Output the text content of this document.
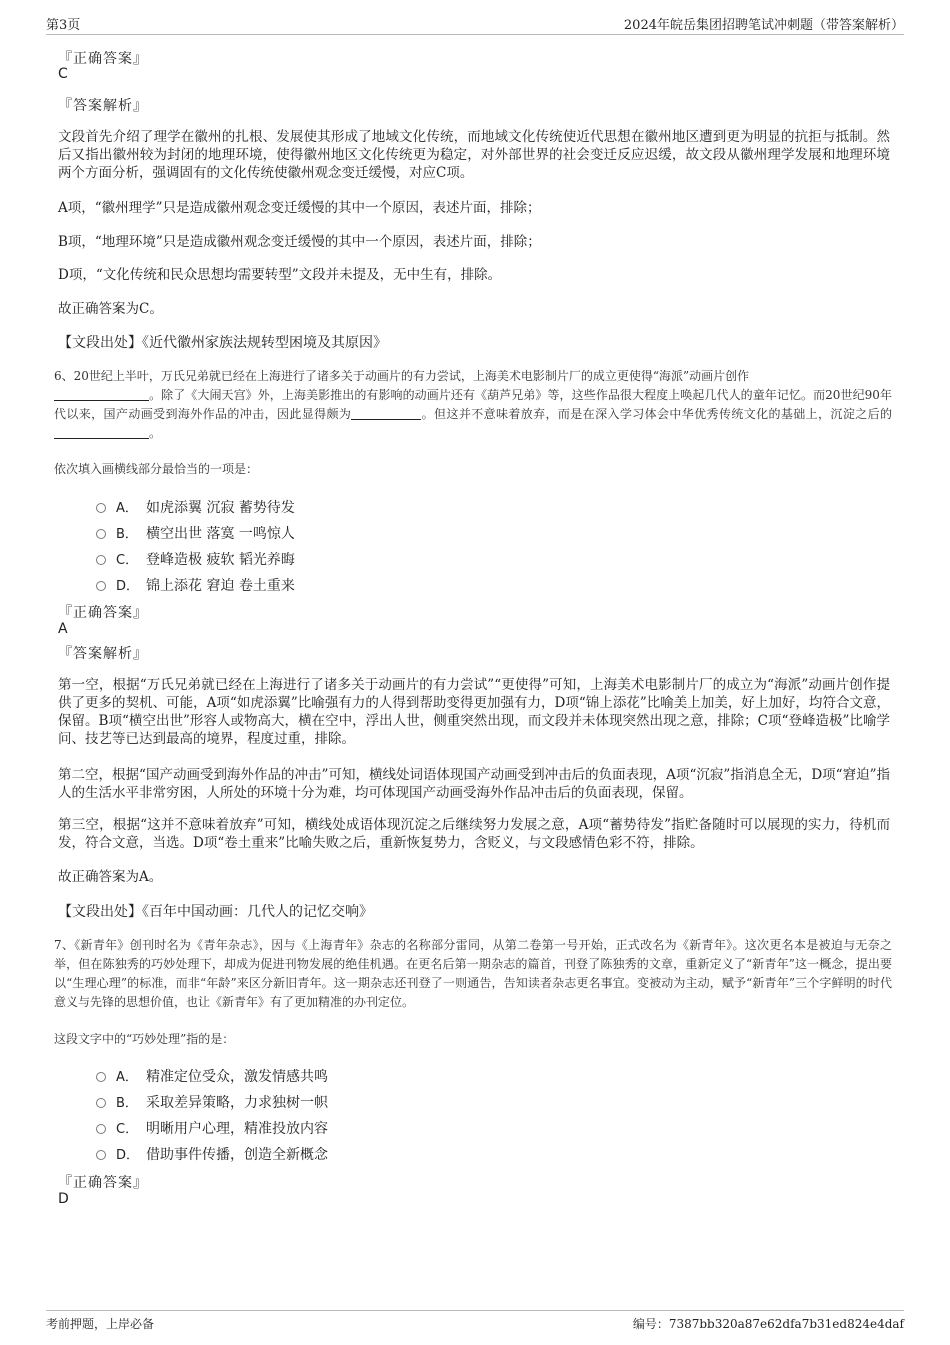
第3页	2024年皖岳集团招聘笔试冲刺题（带答案解析）
『正确答案』
C
『答案解析』

文段首先介绍了理学在徽州的扎根、发展使其形成了地域文化传统，而地域文化传统使近代思想在徽州地区遭到更为明显的抗拒与抵制。然后又指出徽州较为封闭的地理环境，使得徽州地区文化传统更为稳定，对外部世界的社会变迁反应迟缓，故文段从徽州理学发展和地理环境两个方面分析，强调固有的文化传统使徽州观念变迁缓慢，对应C项。

A项，“徽州理学”只是造成徽州观念变迁缓慢的其中一个原因，表述片面，排除；

B项，“地理环境”只是造成徽州观念变迁缓慢的其中一个原因，表述片面，排除；

D项，“文化传统和民众思想均需要转型”文段并未提及，无中生有，排除。

故正确答案为C。

【文段出处】《近代徽州家族法规转型困境及其原因》

6、20世纪上半叶，万氏兄弟就已经在上海进行了诸多关于动画片的有力尝试，上海美术电影制片厂的成立更使得“海派”动画片创作
。除了《大闹天宫》外，上海美影推出的有影响的动画片还有《葫芦兄弟》等，这些作品很大程度上唤起几代人的童年记忆。而20世纪90年代以来，国产动画受到海外作品的冲击，因此显得颇为	。但这并不意味着放弃，而是在深入学习体会中华优秀传统文化的基础上，沉淀之后的。

依次填入画横线部分最恰当的一项是：
A． 如虎添翼 沉寂 蓄势待发
B． 横空出世 落寞 一鸣惊人
C． 登峰造极 疲软 韬光养晦
D． 锦上添花 窘迫 卷土重来
『正确答案』
A
『答案解析』

第一空，根据“万氏兄弟就已经在上海进行了诸多关于动画片的有力尝试”“更使得”可知，上海美术电影制片厂的成立为“海派”动画片创作提供了更多的契机、可能，A项“如虎添翼”比喻强有力的人得到帮助变得更加强有力，D项“锦上添花”比喻美上加美，好上加好，均符合文意，保留。B项“横空出世”形容人或物高大，横在空中，浮出人世，侧重突然出现，而文段并未体现突然出现之意，排除；C项“登峰造极”比喻学问、技艺等已达到最高的境界，程度过重，排除。

第二空，根据“国产动画受到海外作品的冲击”可知，横线处词语体现国产动画受到冲击后的负面表现，A项“沉寂”指消息全无，D项“窘迫”指人的生活水平非常穷困，人所处的环境十分为难，均可体现国产动画受海外作品冲击后的负面表现，保留。

第三空，根据“这并不意味着放弃”可知，横线处成语体现沉淀之后继续努力发展之意，A项“蓄势待发”指贮备随时可以展现的实力，待机而发，符合文意，当选。D项“卷土重来”比喻失败之后，重新恢复势力，含贬义，与文段感情色彩不符，排除。

故正确答案为A。

【文段出处】《百年中国动画：几代人的记忆交响》

7、《新青年》创刊时名为《青年杂志》，因与《上海青年》杂志的名称部分雷同，从第二卷第一号开始，正式改名为《新青年》。这次更名本是被迫与无奈之举，但在陈独秀的巧妙处理下，却成为促进刊物发展的绝佳机遇。在更名后第一期杂志的篇首，刊登了陈独秀的文章，重新定义了“新青年”这一概念，提出要以“生理心理”的标准，而非“年龄”来区分新旧青年。这一期杂志还刊登了一则通告，告知读者杂志更名事宜。变被动为主动，赋予“新青年”三个字鲜明的时代意义与先锋的思想价值，也让《新青年》有了更加精准的办刊定位。

这段文字中的“巧妙处理”指的是：
A． 精准定位受众，激发情感共鸣
B． 采取差异策略，力求独树一帜
C． 明晰用户心理，精准投放内容
D． 借助事件传播，创造全新概念
『正确答案』
D
考前押题，上岸必备	编号：7387bb320a87e62dfa7b31ed824e4daf
